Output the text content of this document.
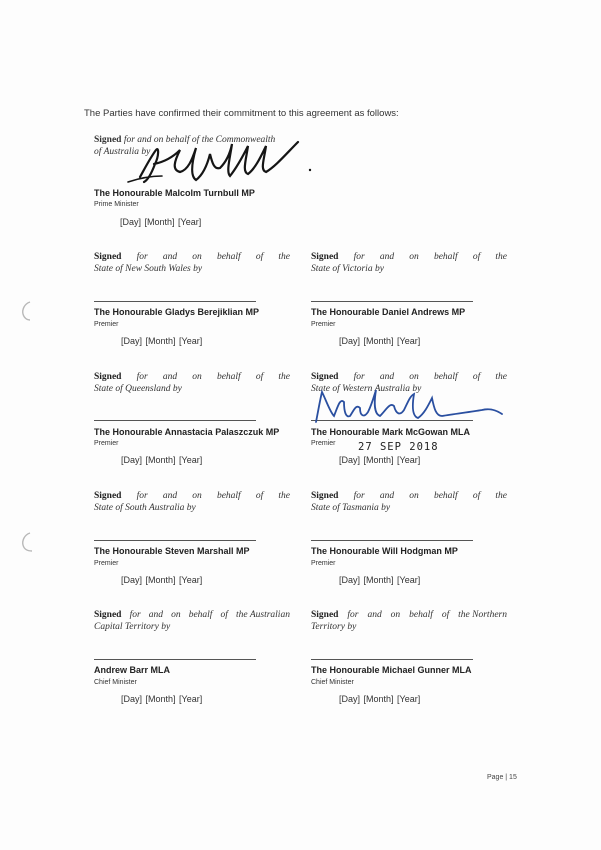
The Parties have confirmed their commitment to this agreement as follows:
Signed for and on behalf of the Commonwealth
of Australia by
The Honourable Malcolm Turnbull MP
Prime Minister
[Day] [Month] [Year]
Signed for and on behalf of the
State of New South Wales by
Signed for and on behalf of the
State of Victoria by
The Honourable Gladys Berejiklian MP	The Honourable Daniel Andrews MP
Premier	Premier
[Day] [Month] [Year]	[Day] [Month] [Year]
Signed for and on behalf of the
State of Queensland by
Signed for and on behalf of the
State of Western Australia by
The Honourable Annastacia Palaszczuk MP	The Honourable Mark McGowan MLA
Premier	Premier 27 SEP 2018
[Day] [Month] [Year]	[Day] [Month] [Year]
Signed for and on behalf of the
State of South Australia by
Signed for and on behalf of the
State of Tasmania by
The Honourable Steven Marshall MP	The Honourable Will Hodgman MP
Premier	Premier
[Day] [Month] [Year]	[Day] [Month] [Year]
Signed for and on behalf of the Australian
Capital Territory by
Signed for and on behalf of the Northern
Territory by
Andrew Barr MLA	The Honourable Michael Gunner MLA
Chief Minister	Chief Minister
[Day] [Month] [Year]	[Day] [Month] [Year]
Page | 15
